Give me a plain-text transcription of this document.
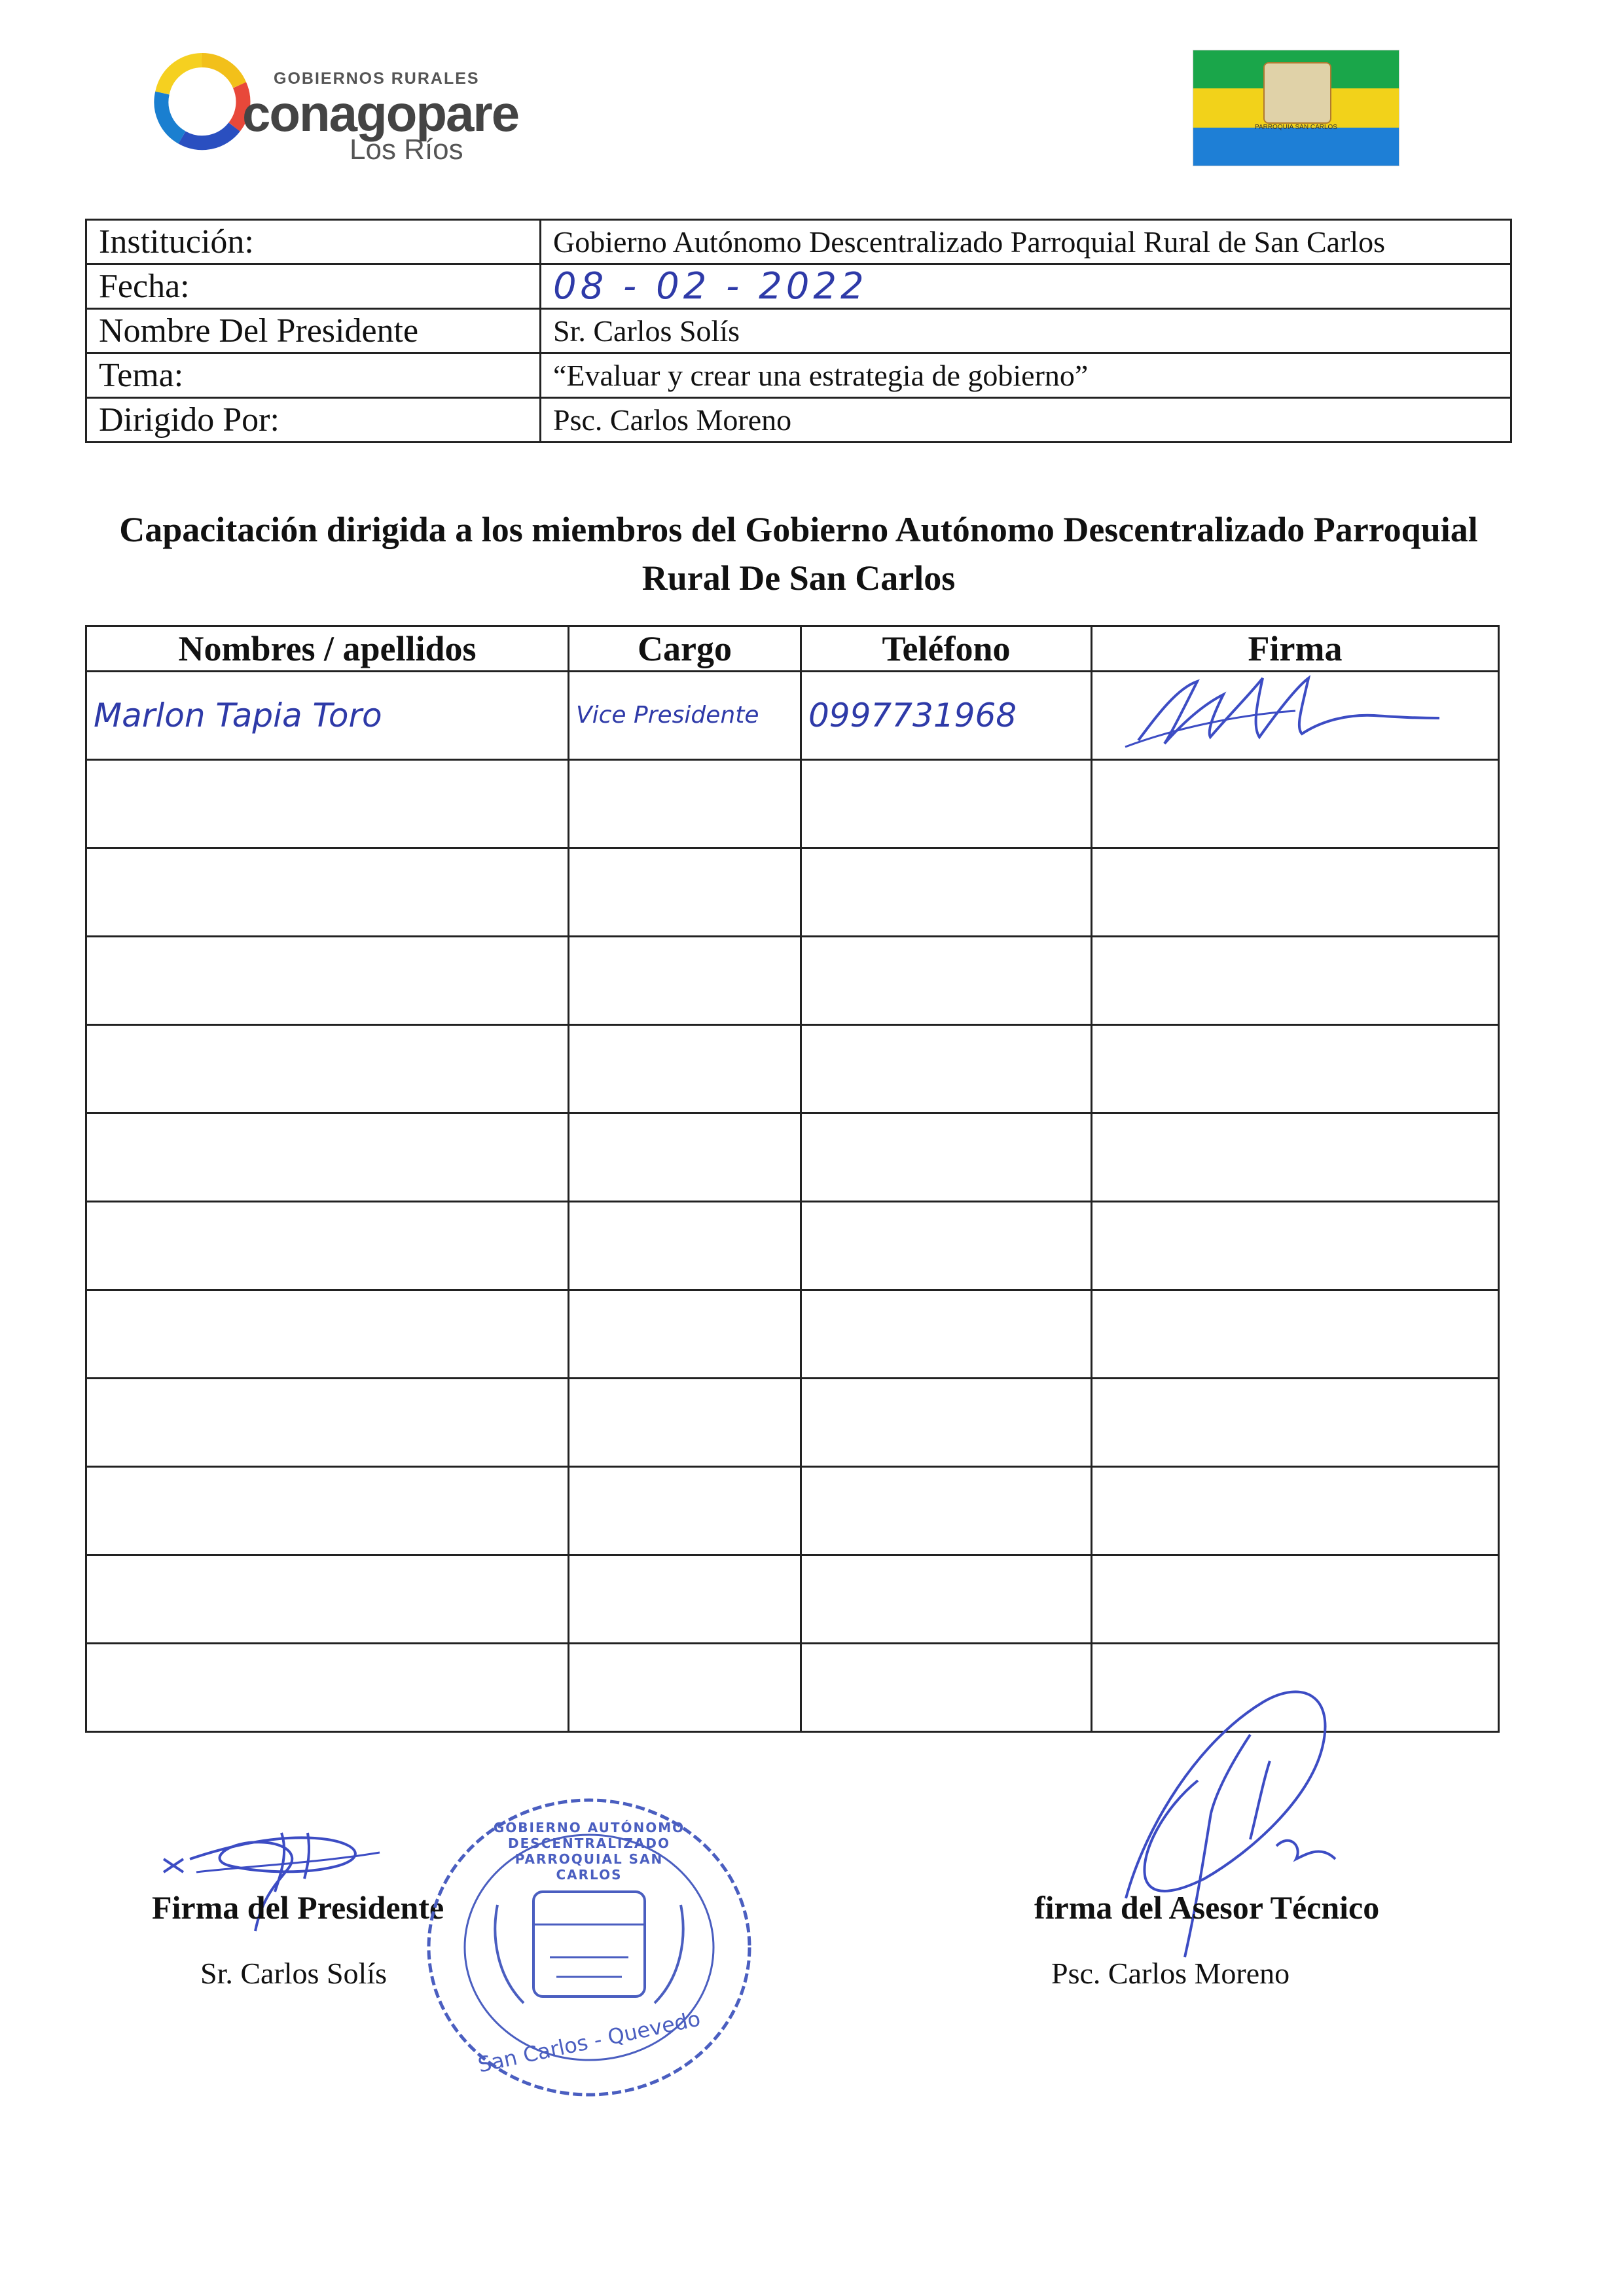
GOBIERNOS RURALES
conagopare
Los Ríos
PARROQUIA SAN CARLOS
Institución:	Gobierno Autónomo Descentralizado Parroquial Rural de San Carlos
Fecha:	08 - 02 - 2022
Nombre Del Presidente	Sr. Carlos Solís
Tema:	“Evaluar y crear una estrategia de gobierno”
Dirigido Por:	Psc. Carlos Moreno
Capacitación dirigida a los miembros del Gobierno Autónomo Descentralizado Parroquial
Rural De San Carlos
Nombres / apellidos	Cargo	Teléfono	Firma
Marlon Tapia Toro	Vice Presidente	0997731968	

Firma del Presidente
Sr. Carlos Solís
GOBIERNO AUTÓNOMO DESCENTRALIZADO PARROQUIAL SAN CARLOS
San Carlos - Quevedo
firma del Asesor Técnico
Psc. Carlos Moreno
